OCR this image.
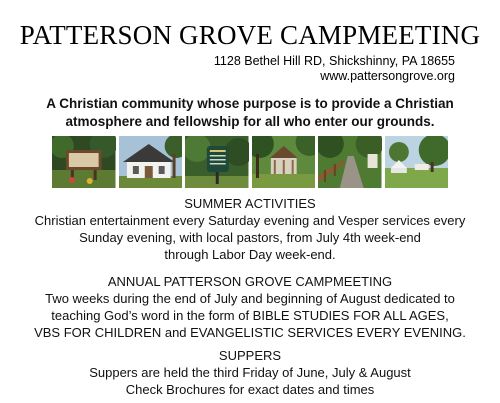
PATTERSON GROVE CAMPMEETING
1128 Bethel Hill RD, Shickshinny, PA 18655
www.pattersongrove.org
A Christian community whose purpose is to provide a Christian
atmosphere and fellowship for all who enter our grounds.
SUMMER ACTIVITIES
Christian entertainment every Saturday evening and Vesper services every
Sunday evening, with local pastors, from July 4th week-end
through Labor Day week-end.
ANNUAL PATTERSON GROVE CAMPMEETING
Two weeks during the end of July and beginning of August dedicated to
teaching God’s word in the form of BIBLE STUDIES FOR ALL AGES,
VBS FOR CHILDREN and EVANGELISTIC SERVICES EVERY EVENING.
SUPPERS
Suppers are held the third Friday of June, July & August
Check Brochures for exact dates and times
